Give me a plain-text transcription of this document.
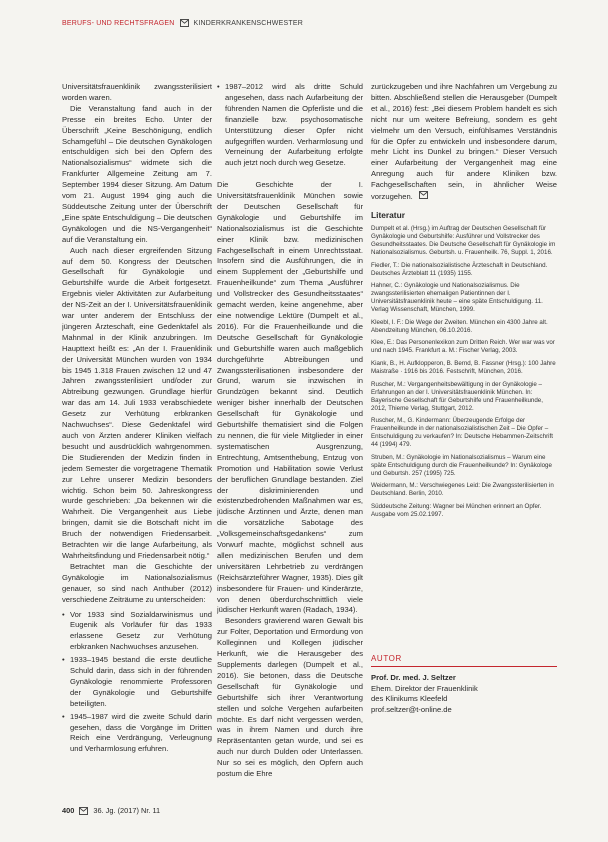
BERUFS- UND RECHTSFRAGEN	KINDERKRANKENSCHWESTER

Universitätsfrauenklinik zwangssterilisiert worden waren.

Die Veranstaltung fand auch in der Presse ein breites Echo. Unter der Überschrift „Keine Beschönigung, endlich Schamgefühl – Die deutschen Gynäkologen entschuldigen sich bei den Opfern des Nationalsozialismus“ widmete sich die Frankfurter Allgemeine Zeitung am 7. September 1994 dieser Sitzung. Am Datum vom 21. August 1994 ging auch die Süddeutsche Zeitung unter der Überschrift „Eine späte Entschuldigung – Die deutschen Gynäkologen und die NS-Vergangenheit“ auf die Veranstaltung ein.

Auch nach dieser ergreifenden Sitzung auf dem 50. Kongress der Deutschen Gesellschaft für Gynäkologie und Geburtshilfe wurde die Arbeit fortgesetzt. Ergebnis vieler Aktivitäten zur Aufarbeitung der NS-Zeit an der I. Universitätsfrauenklinik war unter anderem der Entschluss der jüngeren Ärzteschaft, eine Gedenktafel als Mahnmal in der Klinik anzubringen. Im Haupttext heißt es: „An der I. Frauenklinik der Universität München wurden von 1934 bis 1945 1.318 Frauen zwischen 12 und 47 Jahren zwangssterilisiert und/oder zur Abtreibung gezwungen. Grundlage hierfür war das am 14. Juli 1933 verabschiedete Gesetz zur Verhütung erbkranken Nachwuchses“. Diese Gedenktafel wird auch von Ärzten anderer Kliniken vielfach besucht und ausdrücklich wahrgenommen. Die Studierenden der Medizin finden in jedem Semester die vorgetragene Thematik zur Lehre unserer Medizin besonders wichtig. Schon beim 50. Jahreskongress wurde geschrieben: „Da bekennen wir die Wahrheit. Die Vergangenheit aus Liebe bringen, damit sie die Botschaft nicht im Bruch der notwendigen Friedensarbeit. Betrachten wir die lange Aufarbeitung, als Wahrheitsfindung und Friedensarbeit nötig.“

Betrachtet man die Geschichte der Gynäkologie im Nationalsozialismus genauer, so sind nach Anthuber (2012) verschiedene Zeiträume zu unterscheiden:

• Vor 1933 sind Sozialdarwinismus und Eugenik als Vorläufer für das 1933 erlassene Gesetz zur Verhütung erbkranken Nachwuchses anzusehen.
• 1933–1945 bestand die erste deutliche Schuld darin, dass sich in der führenden Gynäkologie renommierte Professoren der Gynäkologie und Geburtshilfe beteiligten.
• 1945–1987 wird die zweite Schuld darin gesehen, dass die Vorgänge im Dritten Reich eine Verdrängung, Verleugnung und Verharmlosung erfuhren.
• 1987–2012 wird als dritte Schuld angesehen, dass nach Aufarbeitung der führenden Namen die Opferliste und die finanzielle bzw. psychosomatische Unterstützung dieser Opfer nicht aufgegriffen wurden. Verharmlosung und Verneinung der Aufarbeitung erfolgte auch jetzt noch durch weg Gesetze.

Die Geschichte der I. Universitätsfrauenklinik München sowie der Deutschen Gesellschaft für Gynäkologie und Geburtshilfe im Nationalsozialismus ist die Geschichte einer Klinik bzw. medizinischen Fachgesellschaft in einem Unrechtsstaat. Insofern sind die Ausführungen, die in einem Supplement der „Geburtshilfe und Frauenheilkunde“ zum Thema „Ausführer und Vollstrecker des Gesundheitsstaates“ gemacht werden, keine angenehme, aber eine notwendige Lektüre (Dumpelt et al., 2016). Für die Frauenheilkunde und die Deutsche Gesellschaft für Gynäkologie und Geburtshilfe waren auch maßgeblich durchgeführte Abtreibungen und Zwangssterilisationen insbesondere der Grund, warum sie inzwischen in Grundzügen bekannt sind. Deutlich weniger bisher innerhalb der Deutschen Gesellschaft für Gynäkologie und Geburtshilfe thematisiert sind die Folgen zu nennen, die für viele Mitglieder in einer systematischen Ausgrenzung, Entrechtung, Amtsenthebung, Entzug von Promotion und Habilitation sowie Verlust der beruflichen Grundlage bestanden. Ziel der diskriminierenden und existenzbedrohenden Maßnahmen war es, jüdische Ärztinnen und Ärzte, denen man die vorsätzliche Sabotage des „Volksgemeinschaftsgedankens“ zum Vorwurf machte, möglichst schnell aus allen medizinischen Berufen und dem universitären Lehrbetrieb zu verdrängen (Reichsärzteführer Wagner, 1935). Dies gilt insbesondere für Frauen- und Kinderärzte, von denen überdurchschnittlich viele jüdischer Herkunft waren (Radach, 1934).

Besonders gravierend waren Gewalt bis zur Folter, Deportation und Ermordung von Kolleginnen und Kollegen jüdischer Herkunft, wie die Herausgeber des Supplements darlegen (Dumpelt et al., 2016). Sie betonen, dass die Deutsche Gesellschaft für Gynäkologie und Geburtshilfe sich ihrer Verantwortung stellen und solche Vergehen aufarbeiten möchte. Es darf nicht vergessen werden, was in ihrem Namen und durch ihre Repräsentanten getan wurde, und sei es auch nur durch Dulden oder Unterlassen. Nur so sei es möglich, den Opfern auch postum die Ehre

zurückzugeben und ihre Nachfahren um Vergebung zu bitten. Abschließend stellen die Herausgeber (Dumpelt et al., 2016) fest: „Bei diesem Problem handelt es sich nicht nur um weitere Befreiung, sondern es geht vielmehr um den Versuch, einfühlsames Verständnis für die Opfer zu entwickeln und insbesondere darum, mehr Licht ins Dunkel zu bringen.“ Dieser Versuch einer Aufarbeitung der Vergangenheit mag eine Anregung auch für andere Kliniken bzw. Fachgesellschaften sein, in ähnlicher Weise vorzugehen.

Literatur
Dumpelt et al. (Hrsg.) im Auftrag der Deutschen Gesellschaft für Gynäkologie und Geburtshilfe: Ausführer und Vollstrecker des Gesundheitsstaates. Die Deutsche Gesellschaft für Gynäkologie im Nationalsozialismus. Geburtsh. u. Frauenheilk. 76, Suppl. 1, 2016.
Fiedler, T.: Die nationalsozialistische Ärzteschaft in Deutschland. Deutsches Ärzteblatt 11 (1935) 1155.
Hahner, C.: Gynäkologie und Nationalsozialismus. Die zwangssterilisierten ehemaligen Patientinnen der I. Universitätsfrauenklinik heute – eine späte Entschuldigung. 11. Verlag Wissenschaft, München, 1999.
Kleebl, I. F.: Die Wege der Zweiten. München ein 4300 Jahre alt. Abendzeitung München, 06.10.2016.
Klee, E.: Das Personenlexikon zum Dritten Reich. Wer war was vor und nach 1945. Frankfurt a. M.: Fischer Verlag, 2003.
Kiank, B., H. Aufklopperon, B. Bernd, B. Fassner (Hrsg.): 100 Jahre Maistraße · 1916 bis 2016. Festschrift, München, 2016.
Ruscher, M.: Vergangenheitsbewältigung in der Gynäkologie – Erfahrungen an der I. Universitätsfrauenklinik München. In: Bayerische Gesellschaft für Geburtshilfe und Frauenheilkunde, 2012, Thieme Verlag, Stuttgart, 2012.
Ruscher, M., G. Kindermann: Überzeugende Erfolge der Frauenheilkunde in der nationalsozialistischen Zeit – Die Opfer – Entschuldigung zu verkaufen? In: Deutsche Hebammen-Zeitschrift 44 (1994) 479.
Struben, M.: Gynäkologie im Nationalsozialismus – Warum eine späte Entschuldigung durch die Frauenheilkunde? In: Gynäkologe und Geburtsh. 257 (1995) 725.
Weidermann, M.: Verschwiegenes Leid: Die Zwangssterilisierten in Deutschland. Berlin, 2010.
Süddeutsche Zeitung: Wagner bei München erinnert an Opfer. Ausgabe vom 25.02.1997.
AUTOR
Prof. Dr. med. J. Seltzer
Ehem. Direktor der Frauenklinik
des Klinikums Kleefeld
prof.seltzer@t-online.de
400	36. Jg. (2017) Nr. 11
